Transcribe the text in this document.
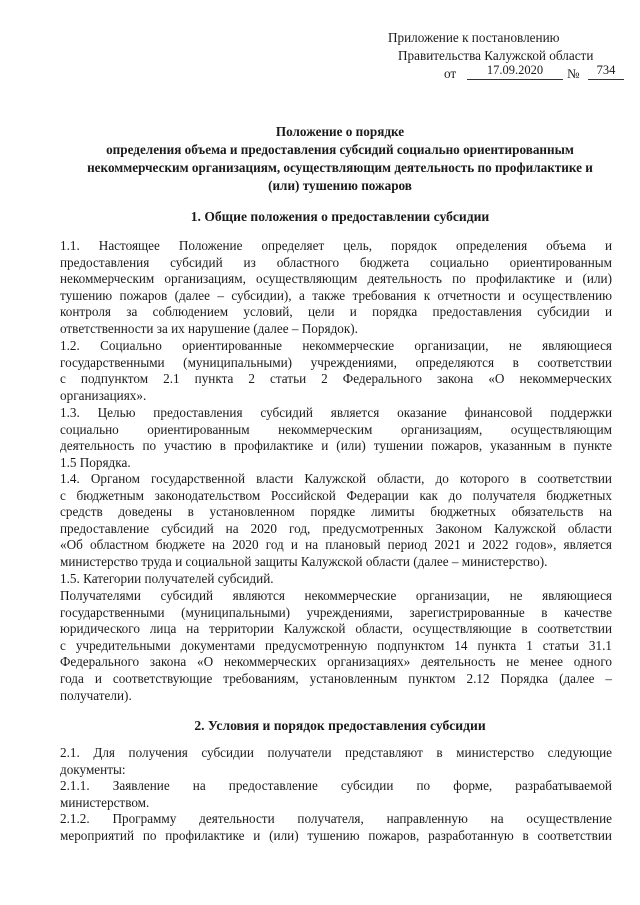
Приложение к постановлению
Правительства Калужской области
от	17.09.2020	№	734
Положение о порядке
определения объема и предоставления субсидий социально ориентированным
некоммерческим организациям, осуществляющим деятельность по профилактике и
(или) тушению пожаров
1. Общие положения о предоставлении субсидии
1.1. Настоящее Положение определяет цель, порядок определения объема и
предоставления субсидий из областного бюджета социально ориентированным
некоммерческим организациям, осуществляющим деятельность по профилактике и (или)
тушению пожаров (далее – субсидии), а также требования к отчетности и осуществлению
контроля за соблюдением условий, цели и порядка предоставления субсидии и
ответственности за их нарушение (далее – Порядок).
1.2. Социально ориентированные некоммерческие организации, не являющиеся
государственными (муниципальными) учреждениями, определяются в соответствии
с подпунктом 2.1 пункта 2 статьи 2 Федерального закона «О некоммерческих
организациях».
1.3. Целью предоставления субсидий является оказание финансовой поддержки
социально ориентированным некоммерческим организациям, осуществляющим
деятельность по участию в профилактике и (или) тушении пожаров, указанным в пункте
1.5 Порядка.
1.4. Органом государственной власти Калужской области, до которого в соответствии
с бюджетным законодательством Российской Федерации как до получателя бюджетных
средств доведены в установленном порядке лимиты бюджетных обязательств на
предоставление субсидий на 2020 год, предусмотренных Законом Калужской области
«Об областном бюджете на 2020 год и на плановый период 2021 и 2022 годов», является
министерство труда и социальной защиты Калужской области (далее – министерство).
1.5. Категории получателей субсидий.
Получателями субсидий являются некоммерческие организации, не являющиеся
государственными (муниципальными) учреждениями, зарегистрированные в качестве
юридического лица на территории Калужской области, осуществляющие в соответствии
с учредительными документами предусмотренную подпунктом 14 пункта 1 статьи 31.1
Федерального закона «О некоммерческих организациях» деятельность не менее одного
года и соответствующие требованиям, установленным пунктом 2.12 Порядка (далее –
получатели).
2. Условия и порядок предоставления субсидии
2.1. Для получения субсидии получатели представляют в министерство следующие
документы:
2.1.1. Заявление на предоставление субсидии по форме, разрабатываемой
министерством.
2.1.2. Программу деятельности получателя, направленную на осуществление
мероприятий по профилактике и (или) тушению пожаров, разработанную в соответствии
